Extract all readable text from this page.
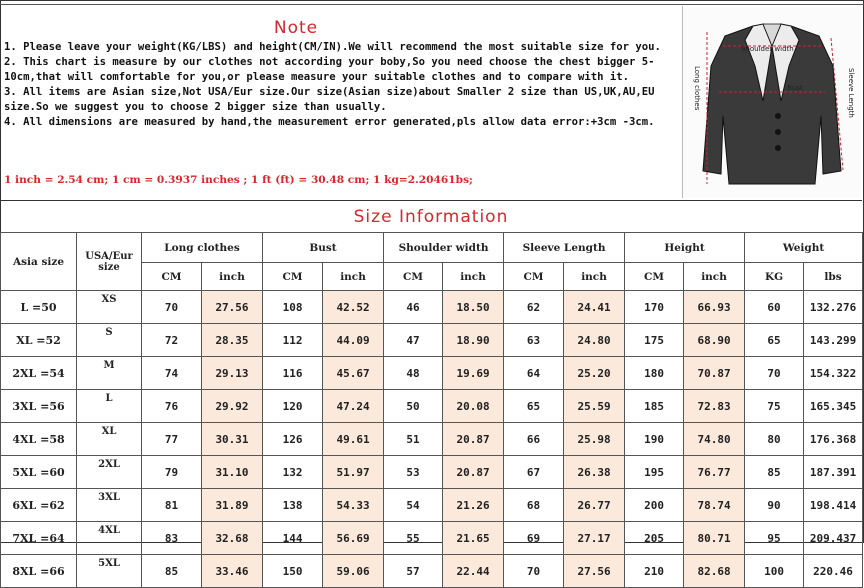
Note
1. Please leave your weight(KG/LBS) and height(CM/IN).We will recommend the most suitable size for you.
2. This chart is measure by our clothes not according your boby,So you need choose the chest bigger 5-10cm,that will comfortable for you,or please measure your suitable clothes and to compare with it.
3. All items are Asian size,Not USA/Eur size.Our size(Asian size)about Smaller 2 size than US,UK,AU,EU size.So we suggest you to choose 2 bigger size than usually.
4. All dimensions are measured by hand,the measurement error generated,pls allow data error:+3cm -3cm.
1 inch = 2.54 cm; 1 cm = 0.3937 inches ; 1 ft (ft) = 30.48 cm; 1 kg=2.20461bs;
Shoulder width
Bust
Long clothes	Sleeve Length
Size Information
Asia size	USA/Eur size	Long clothes		Bust		Shoulder width		Sleeve Length		Height		Weight	
		CM	inch	CM	inch	CM	inch	CM	inch	CM	inch	KG	lbs
L =50	XS	70	27.56	108	42.52	46	18.50	62	24.41	170	66.93	60	132.276
XL =52	S	72	28.35	112	44.09	47	18.90	63	24.80	175	68.90	65	143.299
2XL =54	M	74	29.13	116	45.67	48	19.69	64	25.20	180	70.87	70	154.322
3XL =56	L	76	29.92	120	47.24	50	20.08	65	25.59	185	72.83	75	165.345
4XL =58	XL	77	30.31	126	49.61	51	20.87	66	25.98	190	74.80	80	176.368
5XL =60	2XL	79	31.10	132	51.97	53	20.87	67	26.38	195	76.77	85	187.391
6XL =62	3XL	81	31.89	138	54.33	54	21.26	68	26.77	200	78.74	90	198.414
7XL =64	4XL	83	32.68	144	56.69	55	21.65	69	27.17	205	80.71	95	209.437
8XL =66	5XL	85	33.46	150	59.06	57	22.44	70	27.56	210	82.68	100	220.46
